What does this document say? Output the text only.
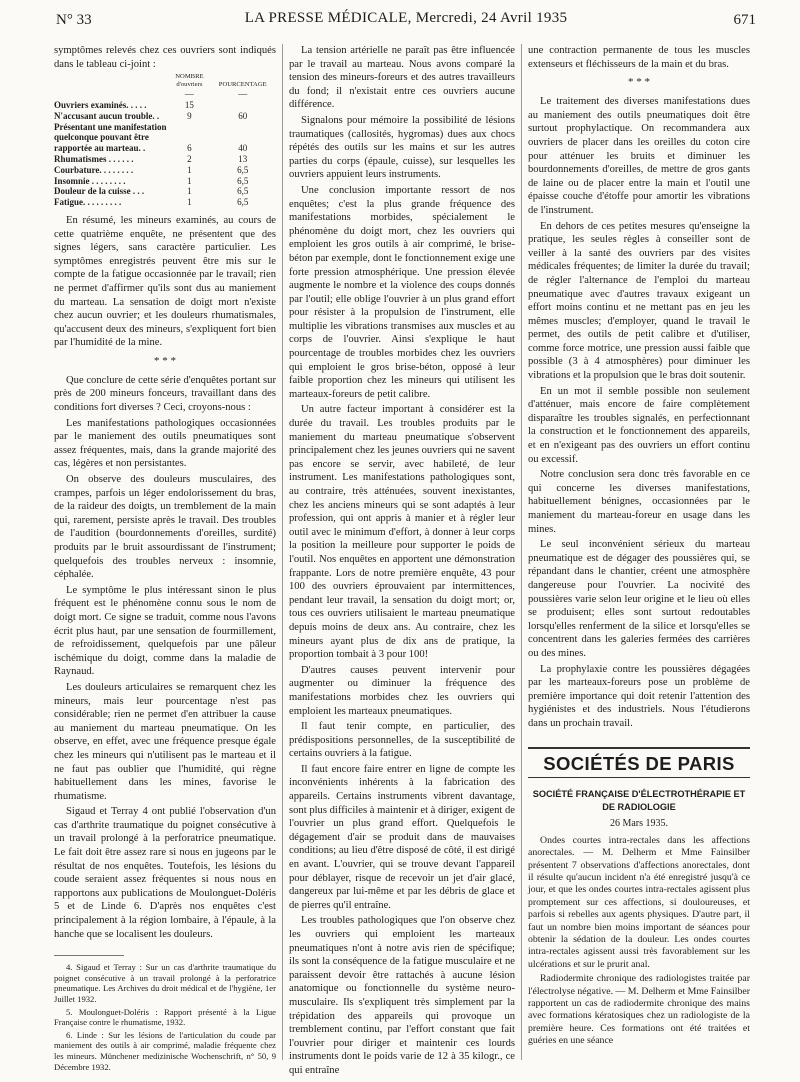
N° 33	LA PRESSE MÉDICALE, Mercredi, 24 Avril 1935	671

symptômes relevés chez ces ouvriers sont indiqués dans le tableau ci-joint :

	NOMBRE d'ouvriers	POURCENTAGE
	—	—
Ouvriers examinés. . . . .	15	
N'accusant aucun trouble. .	9	60
Présentant une manifestation quelconque pouvant être rapportée au marteau. .	6	40
Rhumatismes . . . . . .	2	13
Courbature. . . . . . . .	1	6,5
Insomnie . . . . . . . .	1	6,5
Douleur de la cuisse . . .	1	6,5
Fatigue. . . . . . . . .	1	6,5

En résumé, les mineurs examinés, au cours de cette quatrième enquête, ne présentent que des signes légers, sans caractère particulier. Les symptômes enregistrés peuvent être mis sur le compte de la fatigue occasionnée par le travail; rien ne permet d'affirmer qu'ils sont dus au maniement du marteau. La sensation de doigt mort n'existe chez aucun ouvrier; et les douleurs rhumatismales, qu'accusent deux des mineurs, s'expliquent fort bien par l'humidité de la mine.

* * *

Que conclure de cette série d'enquêtes portant sur près de 200 mineurs fonceurs, travaillant dans des conditions fort diverses ? Ceci, croyons-nous :

Les manifestations pathologiques occasionnées par le maniement des outils pneumatiques sont assez fréquentes, mais, dans la grande majorité des cas, légères et non persistantes.

On observe des douleurs musculaires, des crampes, parfois un léger endolorissement du bras, de la raideur des doigts, un tremblement de la main qui, rarement, persiste après le travail. Des troubles de l'audition (bourdonnements d'oreilles, surdité) produits par le bruit assourdissant de l'instrument; quelquefois des troubles nerveux : insomnie, céphalée.

Le symptôme le plus intéressant sinon le plus fréquent est le phénomène connu sous le nom de doigt mort. Ce signe se traduit, comme nous l'avons écrit plus haut, par une sensation de fourmillement, de refroidissement, quelquefois par une pâleur ischémique du doigt, comme dans la maladie de Raynaud.

Les douleurs articulaires se remarquent chez les mineurs, mais leur pourcentage n'est pas considérable; rien ne permet d'en attribuer la cause au maniement du marteau pneumatique. On les observe, en effet, avec une fréquence presque égale chez les mineurs qui n'utilisent pas le marteau et il ne faut pas oublier que l'humidité, qui règne habituellement dans les mines, favorise le rhumatisme.

Sigaud et Terray 4 ont publié l'observation d'un cas d'arthrite traumatique du poignet consécutive à un travail prolongé à la perforatrice pneumatique. Le fait doit être assez rare si nous en jugeons par le résultat de nos enquêtes. Toutefois, les lésions du coude seraient assez fréquentes si nous nous en rapportons aux publications de Moulonguet-Doléris 5 et de Linde 6. D'après nos enquêtes c'est principalement à la région lombaire, à l'épaule, à la hanche que se localisent les douleurs.

4. Sigaud et Terray : Sur un cas d'arthrite traumatique du poignet consécutive à un travail prolongé à la perforatrice pneumatique. Les Archives du droit médical et de l'hygiène, 1er Juillet 1932.

5. Moulonguet-Doléris : Rapport présenté à la Ligue Française contre le rhumatisme, 1932.

6. Linde : Sur les lésions de l'articulation du coude par maniement des outils à air comprimé, maladie fréquente chez les mineurs. Münchener medizinische Wochenschrift, n° 50, 9 Décembre 1932.

La tension artérielle ne paraît pas être influencée par le travail au marteau. Nous avons comparé la tension des mineurs-foreurs et des autres travailleurs du fond; il n'existait entre ces ouvriers aucune différence.

Signalons pour mémoire la possibilité de lésions traumatiques (callosités, hygromas) dues aux chocs répétés des outils sur les mains et sur les autres parties du corps (épaule, cuisse), sur lesquelles les ouvriers appuient leurs instruments.

Une conclusion importante ressort de nos enquêtes; c'est la plus grande fréquence des manifestations morbides, spécialement le phénomène du doigt mort, chez les ouvriers qui emploient les gros outils à air comprimé, le brise-béton par exemple, dont le fonctionnement exige une forte pression atmosphérique. Une pression élevée augmente le nombre et la violence des coups donnés par l'outil; elle oblige l'ouvrier à un plus grand effort pour résister à la propulsion de l'instrument, elle multiplie les vibrations transmises aux muscles et au corps de l'ouvrier. Ainsi s'explique le haut pourcentage de troubles morbides chez les ouvriers qui emploient le gros brise-béton, opposé à leur faible proportion chez les mineurs qui utilisent les marteaux-foreurs de petit calibre.

Un autre facteur important à considérer est la durée du travail. Les troubles produits par le maniement du marteau pneumatique s'observent principalement chez les jeunes ouvriers qui ne savent pas encore se servir, avec habileté, de leur instrument. Les manifestations pathologiques sont, au contraire, très atténuées, souvent inexistantes, chez les anciens mineurs qui se sont adaptés à leur profession, qui ont appris à manier et à régler leur outil avec le minimum d'effort, à donner à leur corps la position la meilleure pour supporter le poids de l'outil. Nos enquêtes en apportent une démonstration frappante. Lors de notre première enquête, 43 pour 100 des ouvriers éprouvaient par intermittences, pendant leur travail, la sensation du doigt mort; or, tous ces ouvriers utilisaient le marteau pneumatique depuis moins de deux ans. Au contraire, chez les mineurs ayant plus de dix ans de pratique, la proportion tombait à 3 pour 100!

D'autres causes peuvent intervenir pour augmenter ou diminuer la fréquence des manifestations morbides chez les ouvriers qui emploient les marteaux pneumatiques.

Il faut tenir compte, en particulier, des prédispositions personnelles, de la susceptibilité de certains ouvriers à la fatigue.

Il faut encore faire entrer en ligne de compte les inconvénients inhérents à la fabrication des appareils. Certains instruments vibrent davantage, sont plus difficiles à maintenir et à diriger, exigent de l'ouvrier un plus grand effort. Quelquefois le dégagement d'air se produit dans de mauvaises conditions; au lieu d'être disposé de côté, il est dirigé en avant. L'ouvrier, qui se trouve devant l'appareil pour déblayer, risque de recevoir un jet d'air glacé, dangereux par lui-même et par les débris de glace et de pierres qu'il entraîne.

Les troubles pathologiques que l'on observe chez les ouvriers qui emploient les marteaux pneumatiques n'ont à notre avis rien de spécifique; ils sont la conséquence de la fatigue musculaire et ne paraissent devoir être rattachés à aucune lésion anatomique ou fonctionnelle du système neuro-musculaire. Ils s'expliquent très simplement par la trépidation des appareils qui provoque un tremblement continu, par l'effort constant que fait l'ouvrier pour diriger et maintenir ces lourds instruments dont le poids varie de 12 à 35 kilogr., ce qui entraîne

une contraction permanente de tous les muscles extenseurs et fléchisseurs de la main et du bras.

* * *

Le traitement des diverses manifestations dues au maniement des outils pneumatiques doit être surtout prophylactique. On recommandera aux ouvriers de placer dans les oreilles du coton cire pour atténuer les bruits et diminuer les bourdonnements d'oreilles, de mettre de gros gants de laine ou de placer entre la main et l'outil une épaisse couche d'étoffe pour amortir les vibrations de l'instrument.

En dehors de ces petites mesures qu'enseigne la pratique, les seules règles à conseiller sont de veiller à la santé des ouvriers par des visites médicales fréquentes; de limiter la durée du travail; de régler l'alternance de l'emploi du marteau pneumatique avec d'autres travaux exigeant un effort moins continu et ne mettant pas en jeu les mêmes muscles; d'employer, quand le travail le permet, des outils de petit calibre et d'utiliser, comme force motrice, une pression aussi faible que possible (3 à 4 atmosphères) pour diminuer les vibrations et la propulsion que le bras doit soutenir.

En un mot il semble possible non seulement d'atténuer, mais encore de faire complètement disparaître les troubles signalés, en perfectionnant la construction et le fonctionnement des appareils, et en n'exigeant pas des ouvriers un effort continu ou excessif.

Notre conclusion sera donc très favorable en ce qui concerne les diverses manifestations, habituellement bénignes, occasionnées par le maniement du marteau-foreur en usage dans les mines.

Le seul inconvénient sérieux du marteau pneumatique est de dégager des poussières qui, se répandant dans le chantier, créent une atmosphère dangereuse pour l'ouvrier. La nocivité des poussières varie selon leur origine et le lieu où elles se produisent; elles sont surtout redoutables lorsqu'elles renferment de la silice et lorsqu'elles se concentrent dans les galeries fermées des carrières ou des mines.

La prophylaxie contre les poussières dégagées par les marteaux-foreurs pose un problème de première importance qui doit retenir l'attention des hygiénistes et des industriels. Nous l'étudierons dans un prochain travail.

SOCIÉTÉS DE PARIS
SOCIÉTÉ FRANÇAISE D'ÉLECTROTHÉRAPIE ET DE RADIOLOGIE
26 Mars 1935.

Ondes courtes intra-rectales dans les affections anorectales. — M. Delherm et Mme Fainsilber présentent 7 observations d'affections anorectales, dont il résulte qu'aucun incident n'a été enregistré jusqu'à ce jour, et que les ondes courtes intra-rectales agissent plus promptement sur ces affections, si douloureuses, et parfois si rebelles aux agents physiques. D'autre part, il faut un nombre bien moins important de séances pour obtenir la sédation de la douleur. Les ondes courtes intra-rectales agissent aussi très favorablement sur les ulcérations et sur le prurit anal.

Radiodermite chronique des radiologistes traitée par l'électrolyse négative. — M. Delherm et Mme Fainsilber rapportent un cas de radiodermite chronique des mains avec formations kératosiques chez un radiologiste de la première heure. Ces formations ont été traitées et guéries en une séance
